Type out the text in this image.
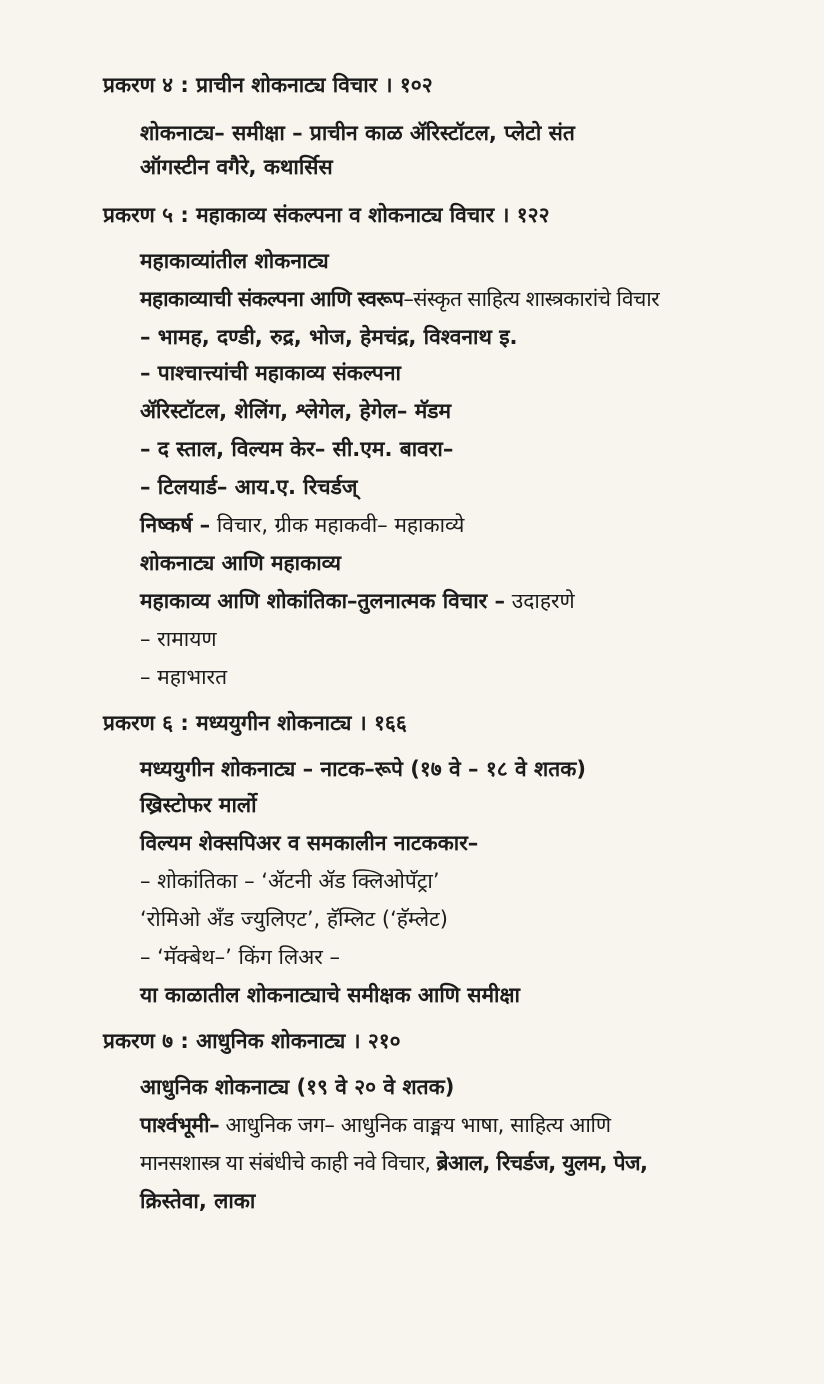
प्रकरण ४ : प्राचीन शोकनाट्य विचार । १०२

शोकनाट्य– समीक्षा – प्राचीन काळ ॲरिस्टॉटल, प्लेटो संत

ऑगस्टीन वगैरे, कथार्सिस

प्रकरण ५ : महाकाव्य संकल्पना व शोकनाट्य विचार । १२२

महाकाव्यांतील शोकनाट्य

महाकाव्याची संकल्पना आणि स्वरूप–संस्कृत साहित्य शास्त्रकारांचे विचार

– भामह, दण्डी, रुद्र, भोज, हेमचंद्र, विश्वनाथ इ.

– पाश्चात्त्यांची महाकाव्य संकल्पना

ॲरिस्टॉटल, शेलिंग, श्लेगेल, हेगेल– मॅडम

– द स्ताल, विल्यम केर– सी.एम. बावरा–

– टिलयार्ड– आय.ए. रिचर्डज्

निष्कर्ष – विचार, ग्रीक महाकवी– महाकाव्ये

शोकनाट्य आणि महाकाव्य

महाकाव्य आणि शोकांतिका–तुलनात्मक विचार – उदाहरणे

– रामायण

– महाभारत

प्रकरण ६ : मध्ययुगीन शोकनाट्य । १६६

मध्ययुगीन शोकनाट्य – नाटक–रूपे (१७ वे – १८ वे शतक)

ख्रिस्टोफर मार्लो

विल्यम शेक्सपिअर व समकालीन नाटककार–

– शोकांतिका – ‘ॲटनी ॲड क्लिओपॅट्रा’

‘रोमिओ अँड ज्युलिएट’, हॅम्लिट (‘हॅम्लेट)

– ‘मॅक्बेथ–’ किंग लिअर –

या काळातील शोकनाट्याचे समीक्षक आणि समीक्षा

प्रकरण ७ : आधुनिक शोकनाट्य । २१०

आधुनिक शोकनाट्य (१९ वे २० वे शतक)

पार्श्वभूमी– आधुनिक जग– आधुनिक वाङ्मय भाषा, साहित्य आणि

मानसशास्त्र या संबंधीचे काही नवे विचार, ब्रेआल, रिचर्डज, युलम, पेज,

क्रिस्तेवा, लाका
